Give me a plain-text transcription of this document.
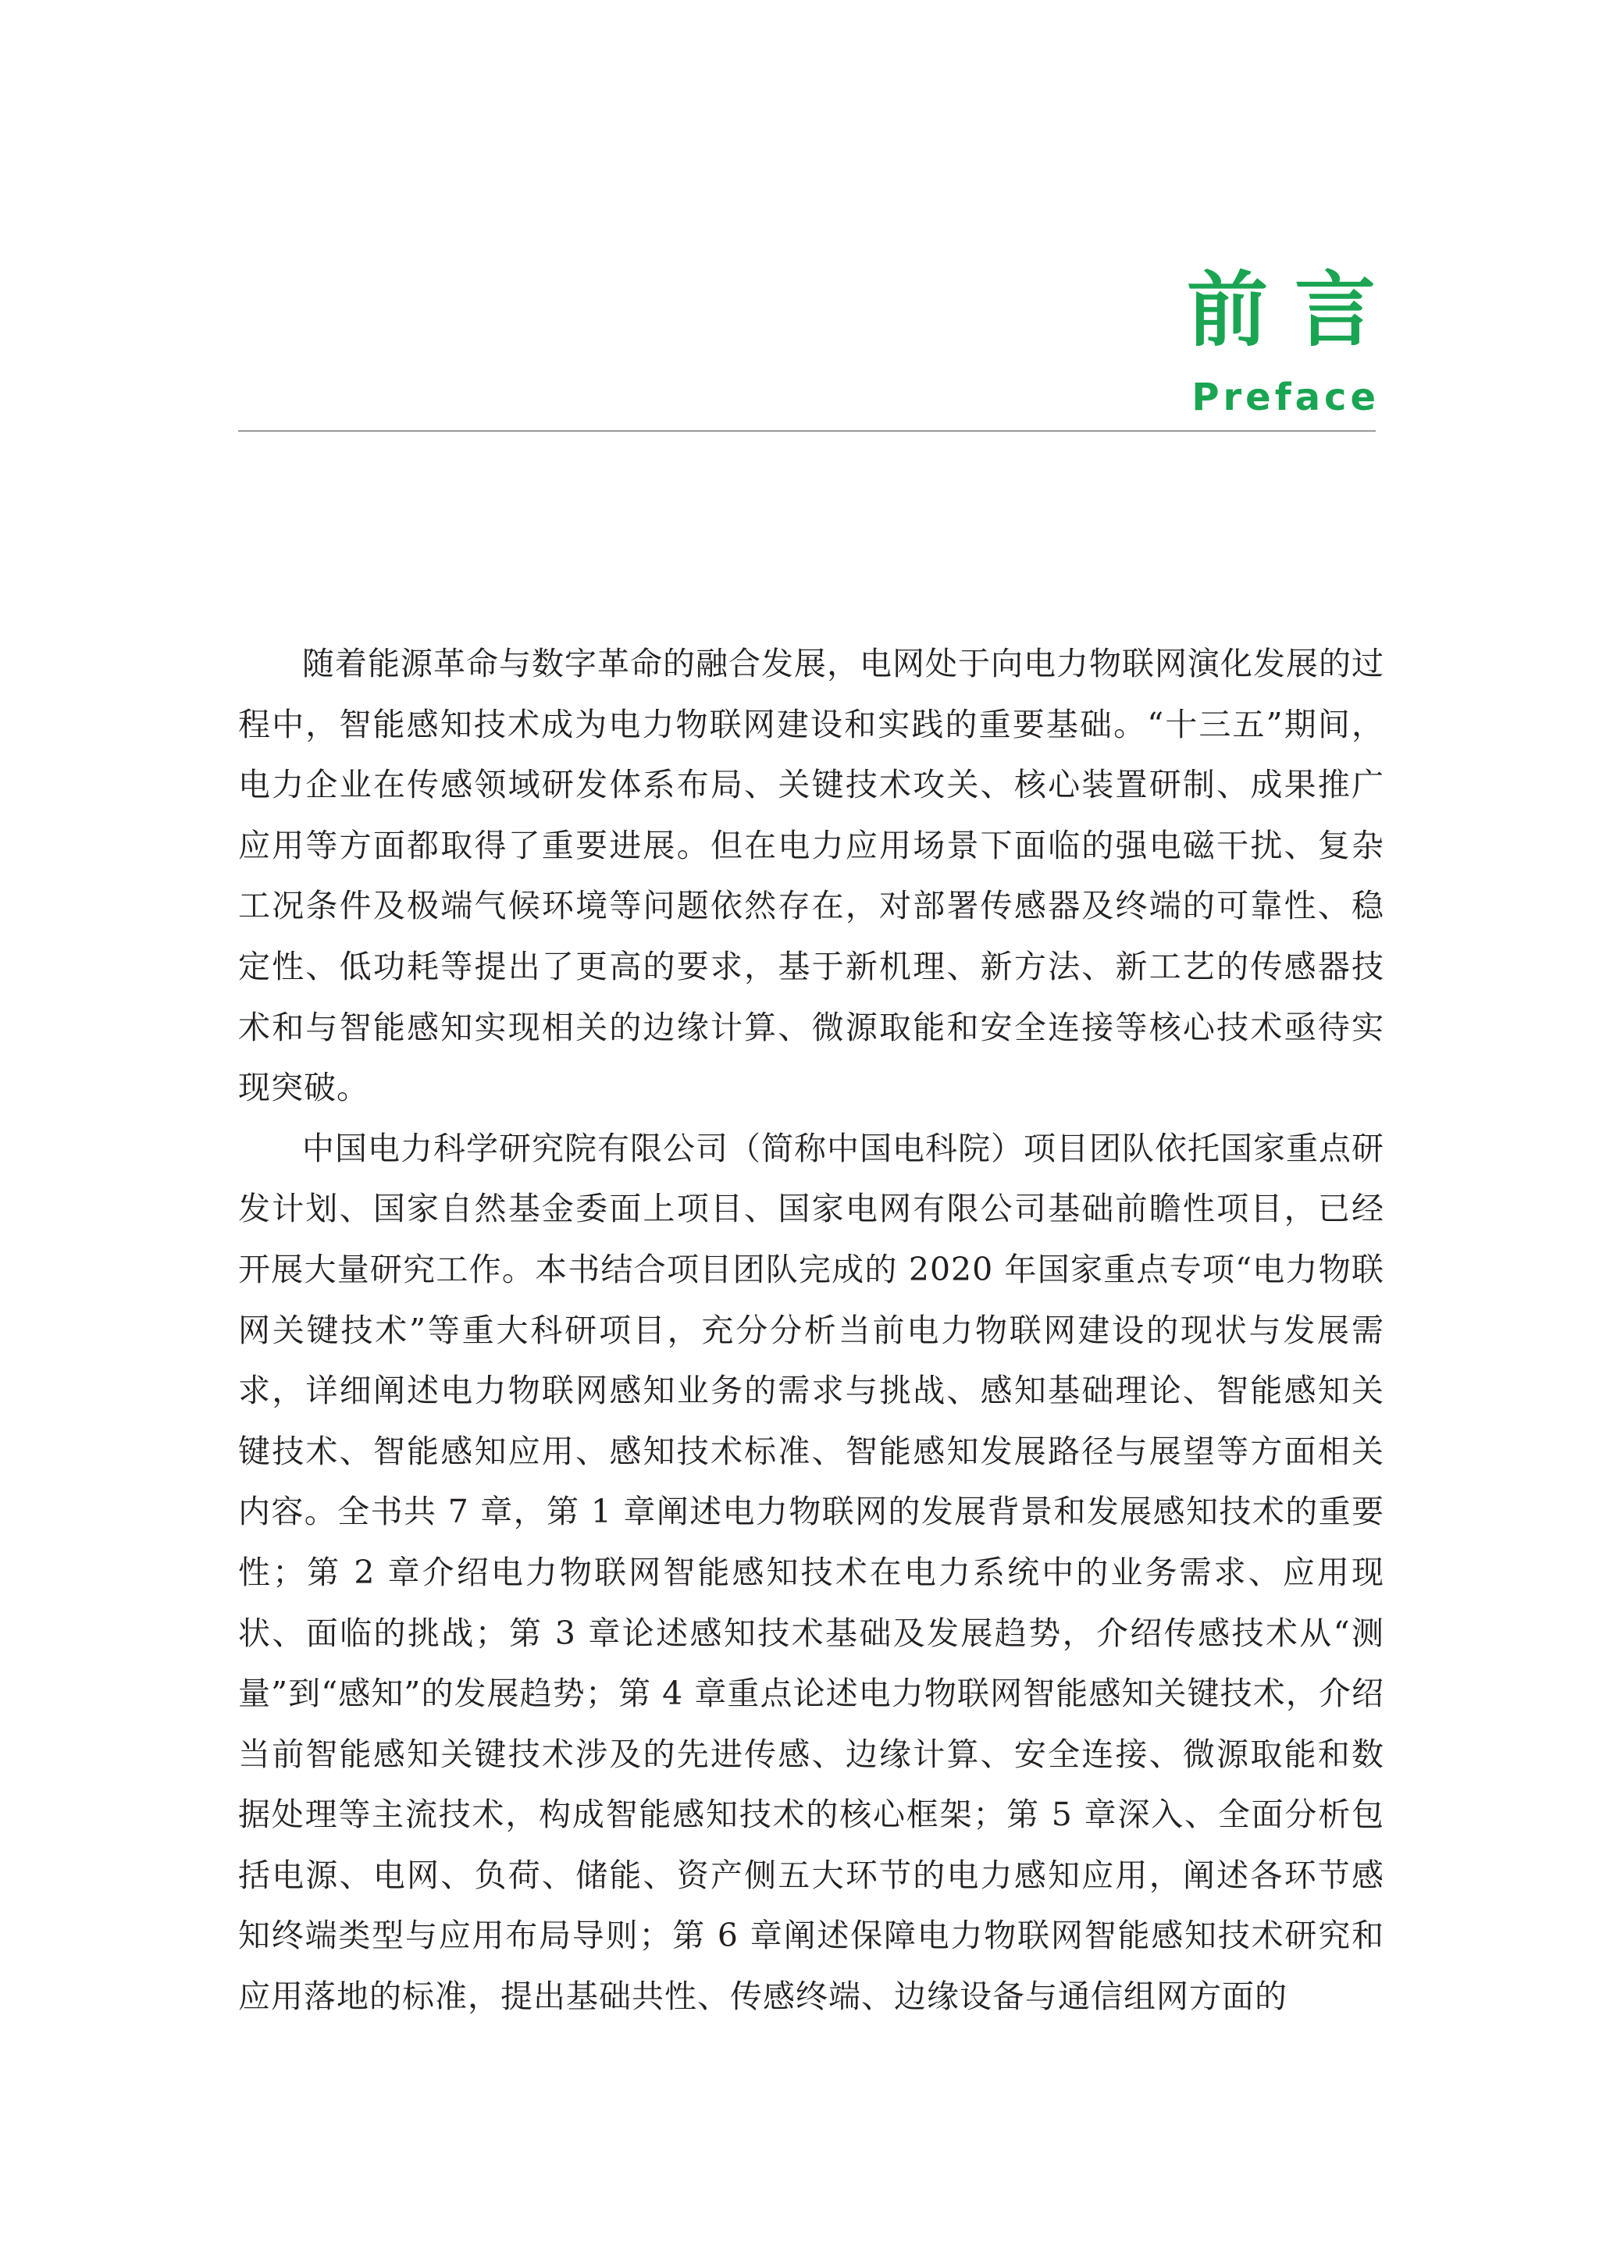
前言
Preface

随着能源革命与数字革命的融合发展，电网处于向电力物联网演化发展的过程中，智能感知技术成为电力物联网建设和实践的重要基础。“十三五”期间，电力企业在传感领域研发体系布局、关键技术攻关、核心装置研制、成果推广应用等方面都取得了重要进展。但在电力应用场景下面临的强电磁干扰、复杂工况条件及极端气候环境等问题依然存在，对部署传感器及终端的可靠性、稳定性、低功耗等提出了更高的要求，基于新机理、新方法、新工艺的传感器技术和与智能感知实现相关的边缘计算、微源取能和安全连接等核心技术亟待实现突破。

中国电力科学研究院有限公司（简称中国电科院）项目团队依托国家重点研发计划、国家自然基金委面上项目、国家电网有限公司基础前瞻性项目，已经开展大量研究工作。本书结合项目团队完成的 2020 年国家重点专项“电力物联网关键技术”等重大科研项目，充分分析当前电力物联网建设的现状与发展需求，详细阐述电力物联网感知业务的需求与挑战、感知基础理论、智能感知关键技术、智能感知应用、感知技术标准、智能感知发展路径与展望等方面相关内容。全书共 7 章，第 1 章阐述电力物联网的发展背景和发展感知技术的重要性；第 2 章介绍电力物联网智能感知技术在电力系统中的业务需求、应用现状、面临的挑战；第 3 章论述感知技术基础及发展趋势，介绍传感技术从“测量”到“感知”的发展趋势；第 4 章重点论述电力物联网智能感知关键技术，介绍当前智能感知关键技术涉及的先进传感、边缘计算、安全连接、微源取能和数据处理等主流技术，构成智能感知技术的核心框架；第 5 章深入、全面分析包括电源、电网、负荷、储能、资产侧五大环节的电力感知应用，阐述各环节感知终端类型与应用布局导则；第 6 章阐述保障电力物联网智能感知技术研究和应用落地的标准，提出基础共性、传感终端、边缘设备与通信组网方面的
